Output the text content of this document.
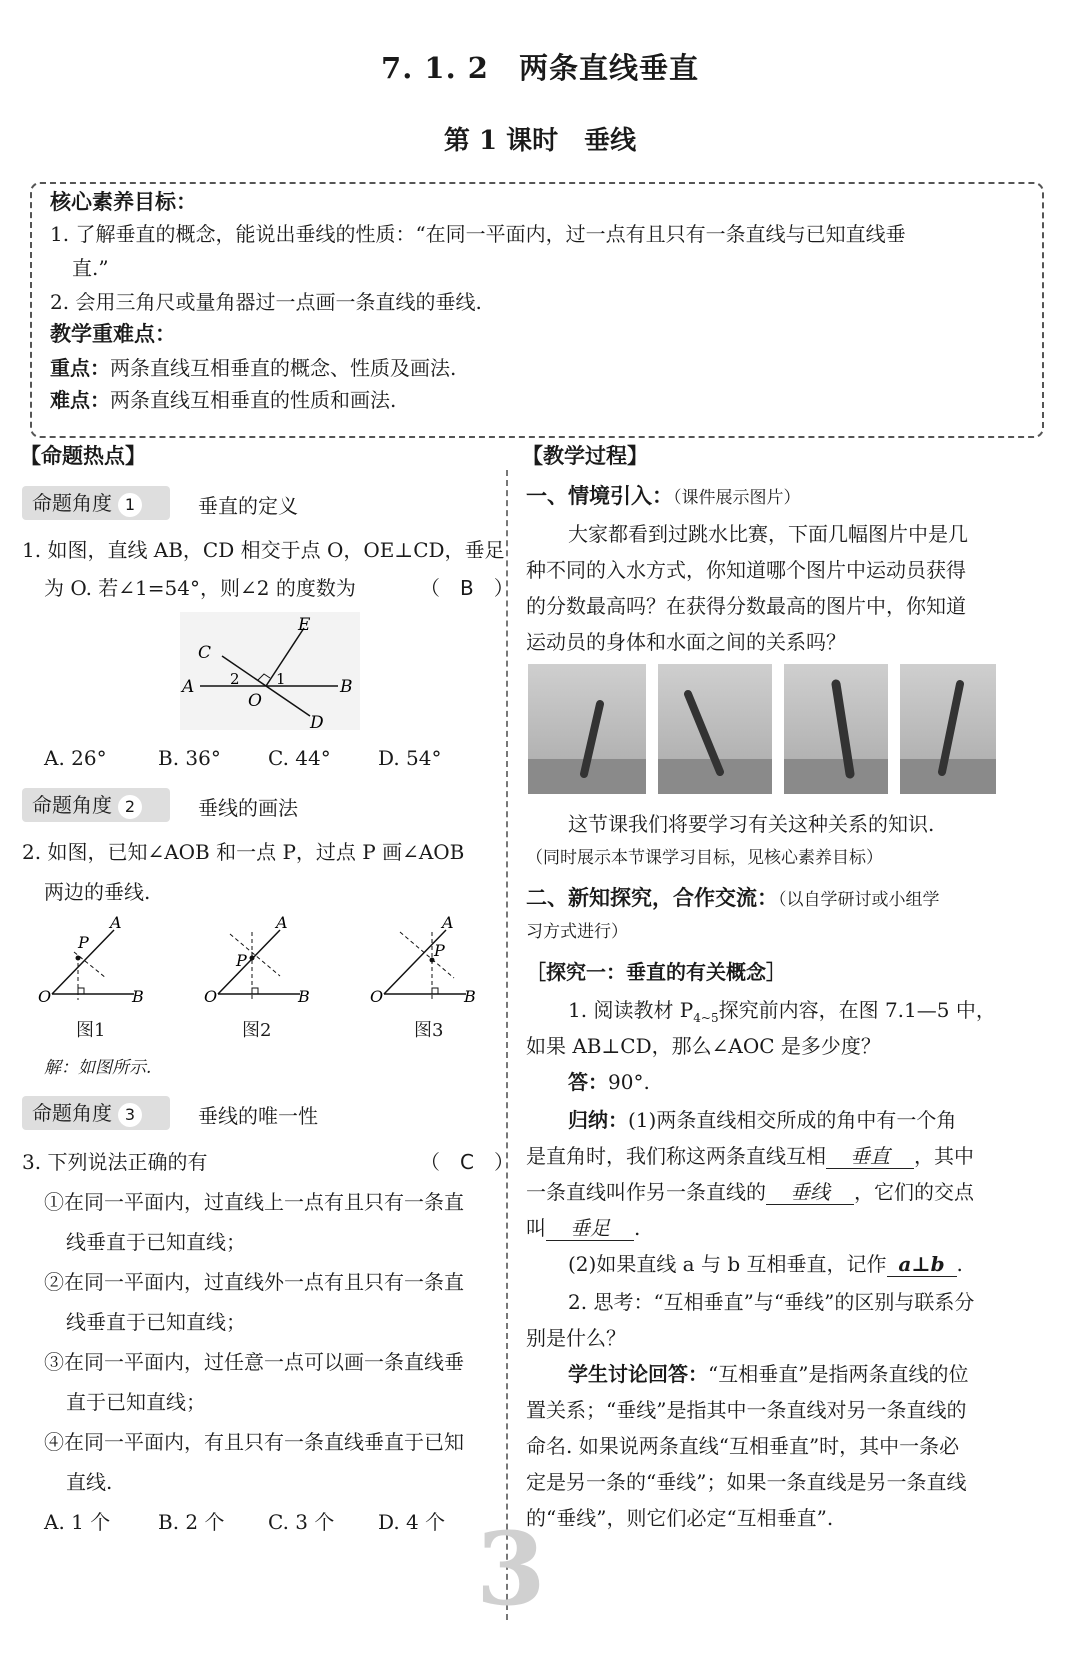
7. 1. 2　两条直线垂直
第 1 课时　垂线
核心素养目标：
1. 了解垂直的概念，能说出垂线的性质：“在同一平面内，过一点有且只有一条直线与已知直线垂
直.”
2. 会用三角尺或量角器过一点画一条直线的垂线.
教学重难点：
重点：两条直线互相垂直的概念、性质及画法.
难点：两条直线互相垂直的性质和画法.
【命题热点】
命题角度 1	垂直的定义
1. 如图，直线 AB，CD 相交于点 O，OE⊥CD，垂足
为 O. 若∠1=54°，则∠2 的度数为	（　B　）
C
E
A	B
O
D
1
2
A. 26°	B. 36° C. 44° D. 54°
命题角度 2	垂线的画法
2. 如图，已知∠AOB 和一点 P，过点 P 画∠AOB
两边的垂线.
A
P
O	B
A
P
O	B
A
P
O	B
图1	图2	图3
解：如图所示.
命题角度 3	垂线的唯一性
3. 下列说法正确的有	（　C　）
①在同一平面内，过直线上一点有且只有一条直
线垂直于已知直线；
②在同一平面内，过直线外一点有且只有一条直
线垂直于已知直线；
③在同一平面内，过任意一点可以画一条直线垂
直于已知直线；
④在同一平面内，有且只有一条直线垂直于已知
直线.
A. 1 个 B. 2 个 C. 3 个 D. 4 个 3
【教学过程】
一、情境引入：（课件展示图片）
大家都看到过跳水比赛，下面几幅图片中是几
种不同的入水方式，你知道哪个图片中运动员获得
的分数最高吗？在获得分数最高的图片中，你知道
运动员的身体和水面之间的关系吗？
这节课我们将要学习有关这种关系的知识.
（同时展示本节课学习目标，见核心素养目标）
二、新知探究，合作交流：（以自学研讨或小组学
习方式进行）
［探究一：垂直的有关概念］
1. 阅读教材 $P_{4\sim 5}$探究前内容，在图 7.1—5 中，
如果 AB⊥CD，那么∠AOC 是多少度？
答：90°.
归纳：(1)两条直线相交所成的角中有一个角
是直角时，我们称这两条直线互相 垂直 ，其中
一条直线叫作另一条直线的 垂线 ，它们的交点
叫 垂足 .
(2)如果直线 a 与 b 互相垂直，记作 a⊥b .
2. 思考：“互相垂直”与“垂线”的区别与联系分
别是什么？
学生讨论回答：“互相垂直”是指两条直线的位
置关系；“垂线”是指其中一条直线对另一条直线的
命名. 如果说两条直线“互相垂直”时，其中一条必
定是另一条的“垂线”；如果一条直线是另一条直线
的“垂线”，则它们必定“互相垂直”.
